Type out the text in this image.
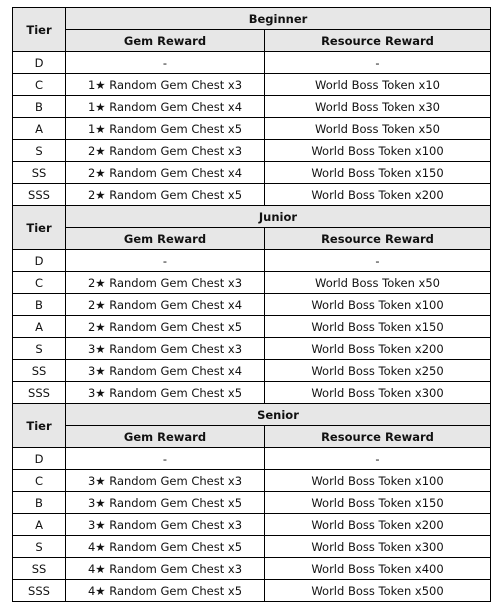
Tier	Beginner	
	Gem Reward	Resource Reward
D	-	-
C	1★ Random Gem Chest x3	World Boss Token x10
B	1★ Random Gem Chest x4	World Boss Token x30
A	1★ Random Gem Chest x5	World Boss Token x50
S	2★ Random Gem Chest x3	World Boss Token x100
SS	2★ Random Gem Chest x4	World Boss Token x150
SSS	2★ Random Gem Chest x5	World Boss Token x200
Tier	Junior	
	Gem Reward	Resource Reward
D	-	-
C	2★ Random Gem Chest x3	World Boss Token x50
B	2★ Random Gem Chest x4	World Boss Token x100
A	2★ Random Gem Chest x5	World Boss Token x150
S	3★ Random Gem Chest x3	World Boss Token x200
SS	3★ Random Gem Chest x4	World Boss Token x250
SSS	3★ Random Gem Chest x5	World Boss Token x300
Tier	Senior	
	Gem Reward	Resource Reward
D	-	-
C	3★ Random Gem Chest x3	World Boss Token x100
B	3★ Random Gem Chest x5	World Boss Token x150
A	3★ Random Gem Chest x3	World Boss Token x200
S	4★ Random Gem Chest x5	World Boss Token x300
SS	4★ Random Gem Chest x3	World Boss Token x400
SSS	4★ Random Gem Chest x5	World Boss Token x500
